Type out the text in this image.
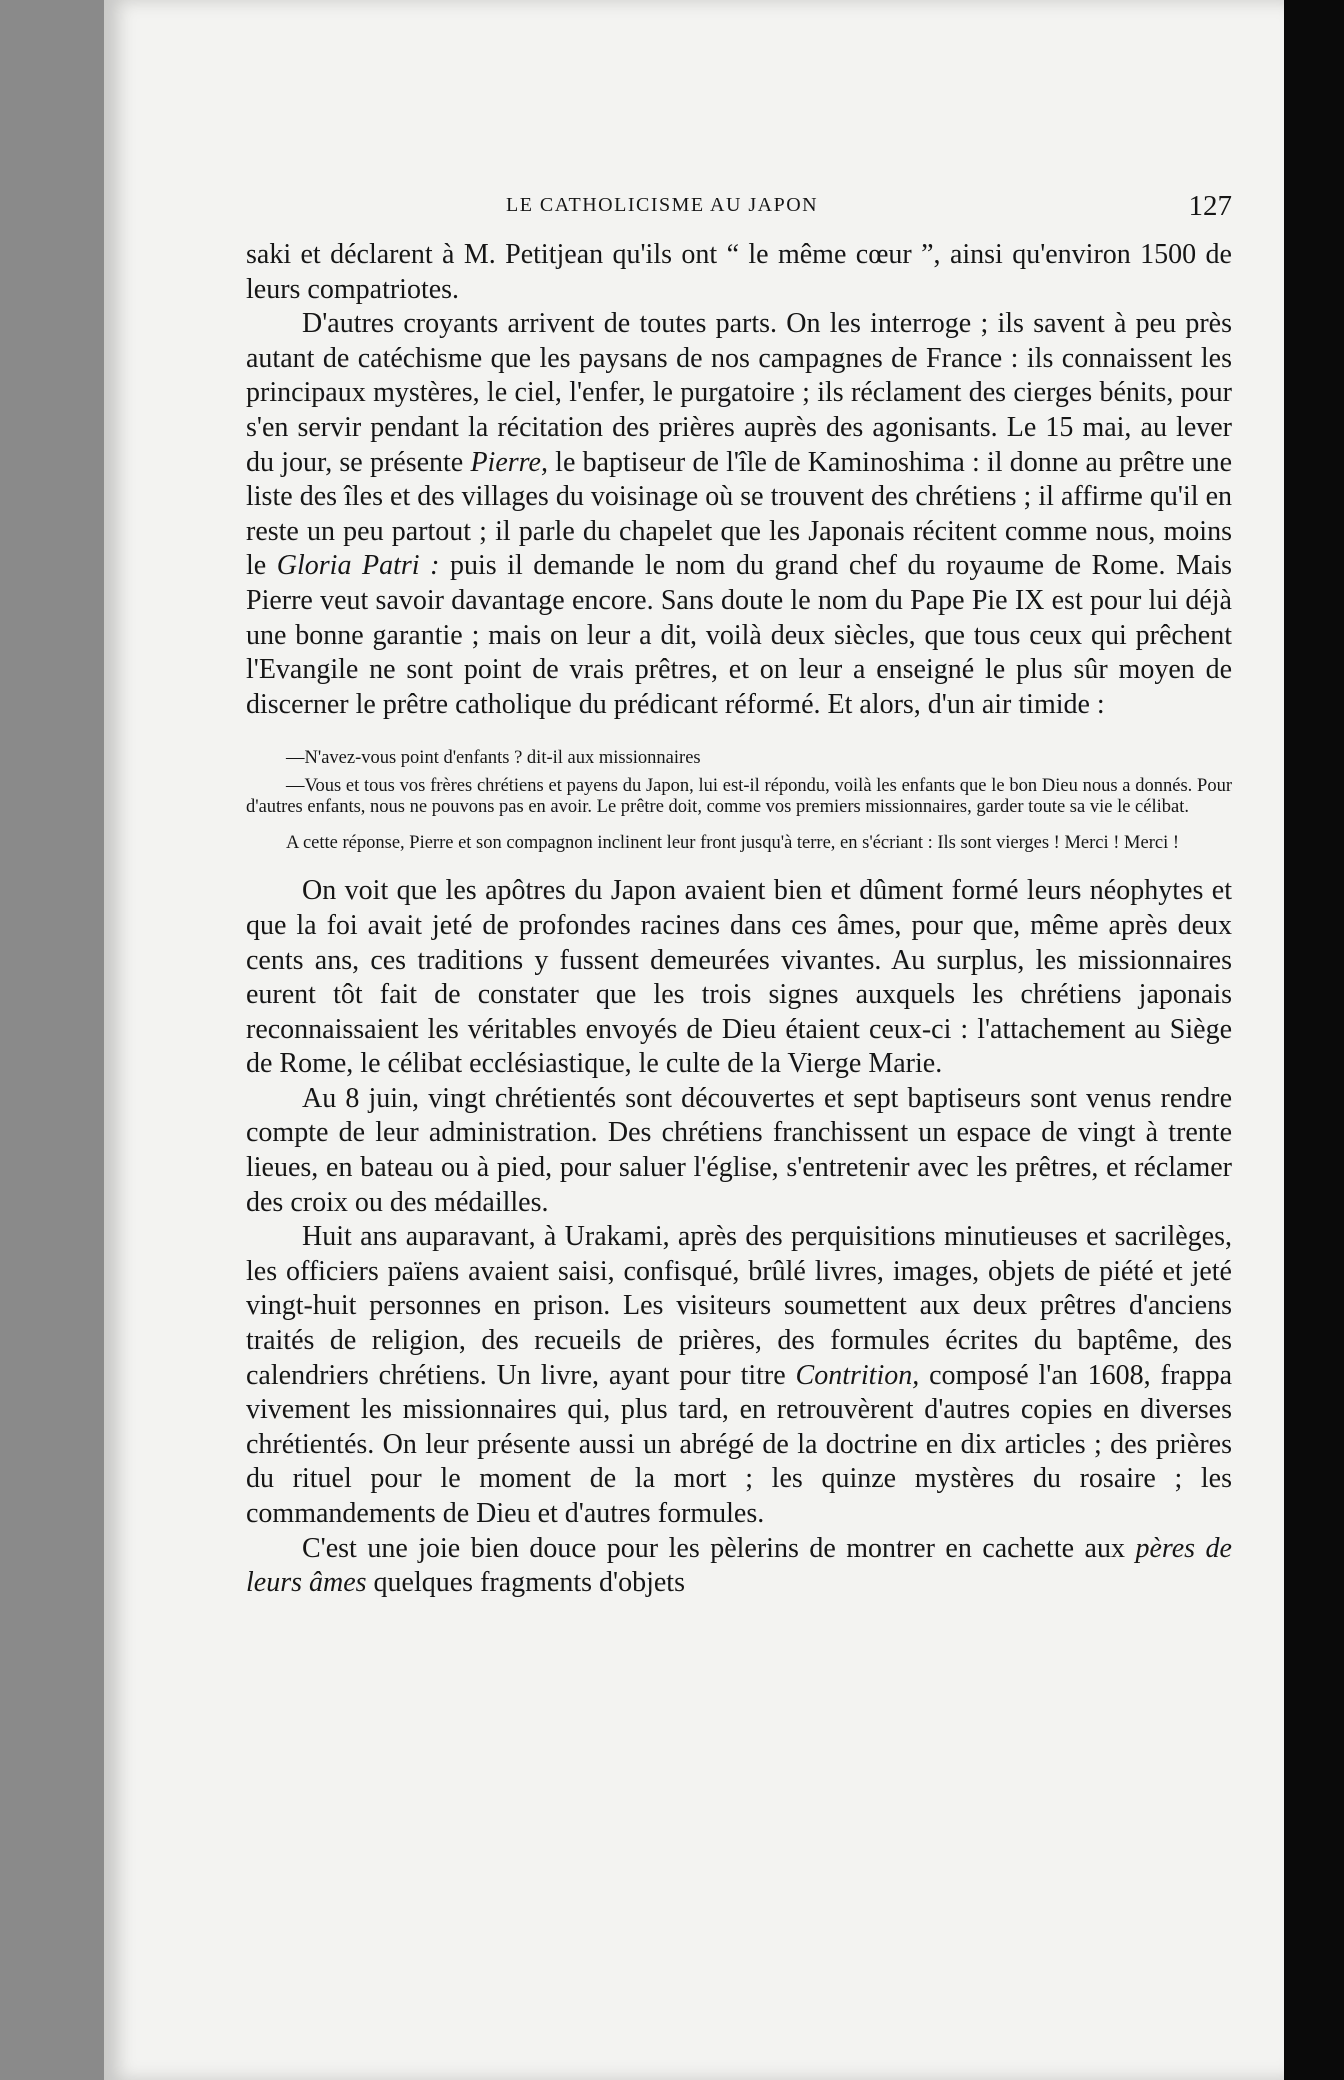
LE CATHOLICISME AU JAPON	127

saki et déclarent à M. Petitjean qu'ils ont “ le même cœur ”, ainsi qu'environ 1500 de leurs compatriotes.

D'autres croyants arrivent de toutes parts. On les interroge ; ils savent à peu près autant de catéchisme que les paysans de nos campagnes de France : ils connaissent les principaux mystères, le ciel, l'enfer, le purgatoire ; ils réclament des cierges bénits, pour s'en servir pendant la récitation des prières auprès des agonisants. Le 15 mai, au lever du jour, se présente Pierre, le baptiseur de l'île de Kaminoshima : il donne au prêtre une liste des îles et des villages du voisinage où se trouvent des chrétiens ; il affirme qu'il en reste un peu partout ; il parle du chapelet que les Japonais récitent comme nous, moins le Gloria Patri : puis il demande le nom du grand chef du royaume de Rome. Mais Pierre veut savoir davantage encore. Sans doute le nom du Pape Pie IX est pour lui déjà une bonne garantie ; mais on leur a dit, voilà deux siècles, que tous ceux qui prêchent l'Evangile ne sont point de vrais prêtres, et on leur a enseigné le plus sûr moyen de discerner le prêtre catholique du prédicant réformé. Et alors, d'un air timide :

—N'avez-vous point d'enfants ? dit-il aux missionnaires

—Vous et tous vos frères chrétiens et payens du Japon, lui est-il répondu, voilà les enfants que le bon Dieu nous a donnés. Pour d'autres enfants, nous ne pouvons pas en avoir. Le prêtre doit, comme vos premiers missionnaires, garder toute sa vie le célibat.

A cette réponse, Pierre et son compagnon inclinent leur front jusqu'à terre, en s'écriant : Ils sont vierges ! Merci ! Merci !

On voit que les apôtres du Japon avaient bien et dûment formé leurs néophytes et que la foi avait jeté de profondes racines dans ces âmes, pour que, même après deux cents ans, ces traditions y fussent demeurées vivantes. Au surplus, les missionnaires eurent tôt fait de constater que les trois signes auxquels les chrétiens japonais reconnaissaient les véritables envoyés de Dieu étaient ceux-ci : l'attachement au Siège de Rome, le célibat ecclésiastique, le culte de la Vierge Marie.

Au 8 juin, vingt chrétientés sont découvertes et sept baptiseurs sont venus rendre compte de leur administration. Des chrétiens franchissent un espace de vingt à trente lieues, en bateau ou à pied, pour saluer l'église, s'entretenir avec les prêtres, et réclamer des croix ou des médailles.

Huit ans auparavant, à Urakami, après des perquisitions minutieuses et sacrilèges, les officiers païens avaient saisi, confisqué, brûlé livres, images, objets de piété et jeté vingt-huit personnes en prison. Les visiteurs soumettent aux deux prêtres d'anciens traités de religion, des recueils de prières, des formules écrites du baptême, des calendriers chrétiens. Un livre, ayant pour titre Contrition, composé l'an 1608, frappa vivement les missionnaires qui, plus tard, en retrouvèrent d'autres copies en diverses chrétientés. On leur présente aussi un abrégé de la doctrine en dix articles ; des prières du rituel pour le moment de la mort ; les quinze mystères du rosaire ; les commandements de Dieu et d'autres formules.

C'est une joie bien douce pour les pèlerins de montrer en cachette aux pères de leurs âmes quelques fragments d'objets
